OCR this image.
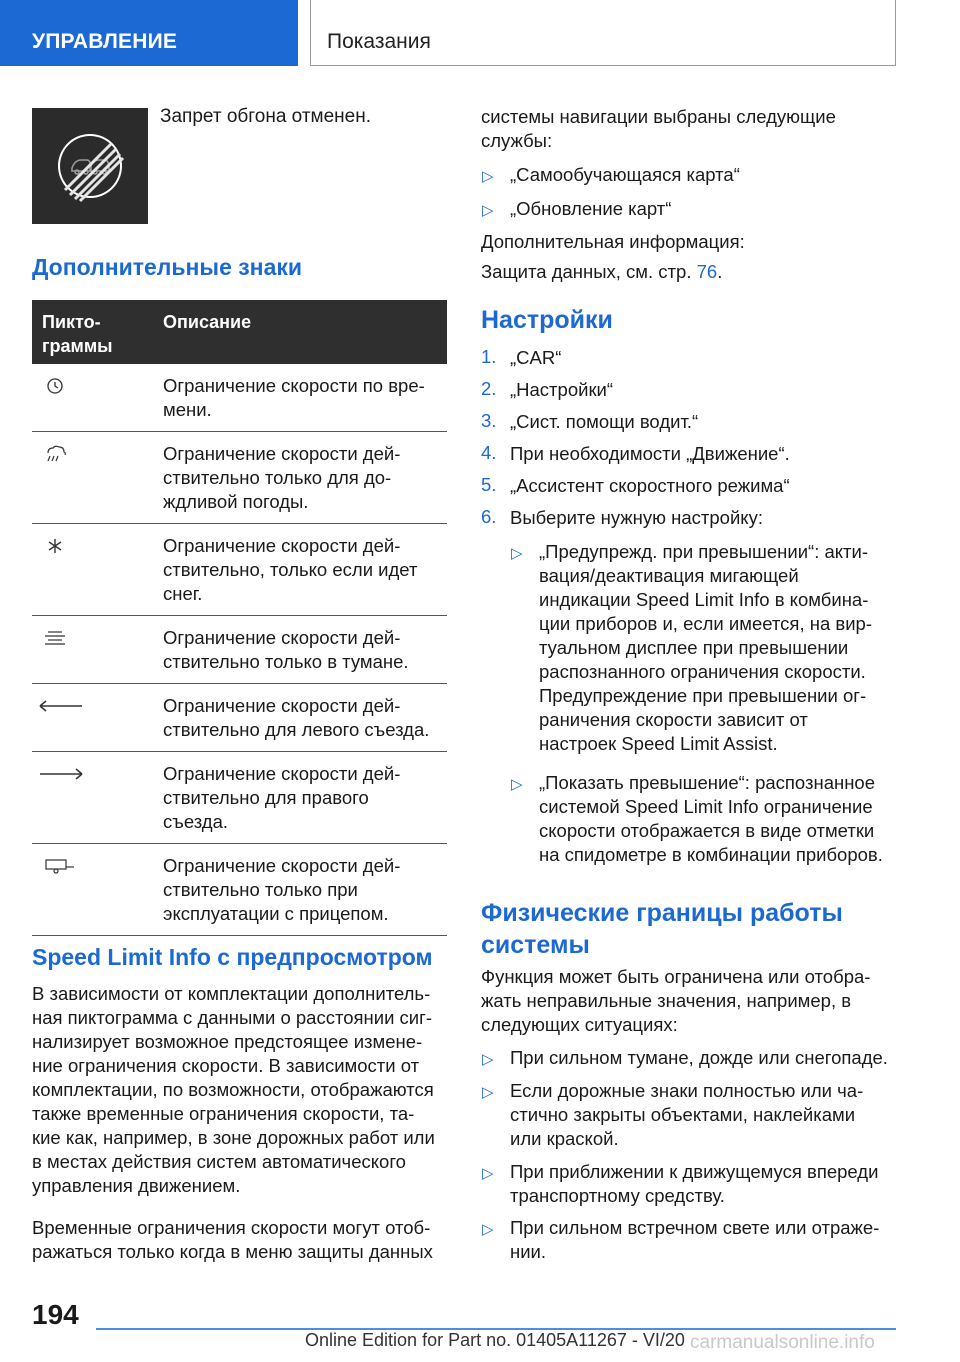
УПРАВЛЕНИЕ	Показания
Запрет обгона отменен.
Дополнительные знаки
Пикто-
граммы
Описание
Ограничение скорости по вре-
мени.
Ограничение скорости дей-
ствительно только для до-
ждливой погоды.
Ограничение скорости дей-
ствительно, только если идет
снег.
Ограничение скорости дей-
ствительно только в тумане.
Ограничение скорости дей-
ствительно для левого съезда.
Ограничение скорости дей-
ствительно для правого
съезда.
Ограничение скорости дей-
ствительно только при
эксплуатации с прицепом.
Speed Limit Info с предпросмотром
В зависимости от комплектации дополнитель-
ная пиктограмма с данными о расстоянии сиг-
нализирует возможное предстоящее измене-
ние ограничения скорости. В зависимости от
комплектации, по возможности, отображаются
также временные ограничения скорости, та-
кие как, например, в зоне дорожных работ или
в местах действия систем автоматического
управления движением.
Временные ограничения скорости могут отоб-
ражаться только когда в меню защиты данных
системы навигации выбраны следующие
службы:
▷ „Самообучающаяся карта“
▷ „Обновление карт“
Дополнительная информация:
Защита данных, см. стр. 76.
Настройки
1. „CAR“
2. „Настройки“
3. „Сист. помощи водит.“
4. При необходимости „Движение“.
5. „Ассистент скоростного режима“
6. Выберите нужную настройку:
▷ „Предупрежд. при превышении“: акти-
вация/деактивация мигающей
индикации Speed Limit Info в комбина-
ции приборов и, если имеется, на вир-
туальном дисплее при превышении
распознанного ограничения скорости.
Предупреждение при превышении ог-
раничения скорости зависит от
настроек Speed Limit Assist.
▷ „Показать превышение“: распознанное
системой Speed Limit Info ограничение
скорости отображается в виде отметки
на спидометре в комбинации приборов.
Физические границы работы системы
Функция может быть ограничена или отобра-
жать неправильные значения, например, в
следующих ситуациях:
▷ При сильном тумане, дожде или снегопаде.
▷ Если дорожные знаки полностью или ча-
стично закрыты объектами, наклейками
или краской.
▷ При приближении к движущемуся впереди
транспортному средству.
▷ При сильном встречном свете или отраже-
нии.
194
Online Edition for Part no. 01405A11267 - VI/20 carmanualsonline.info
